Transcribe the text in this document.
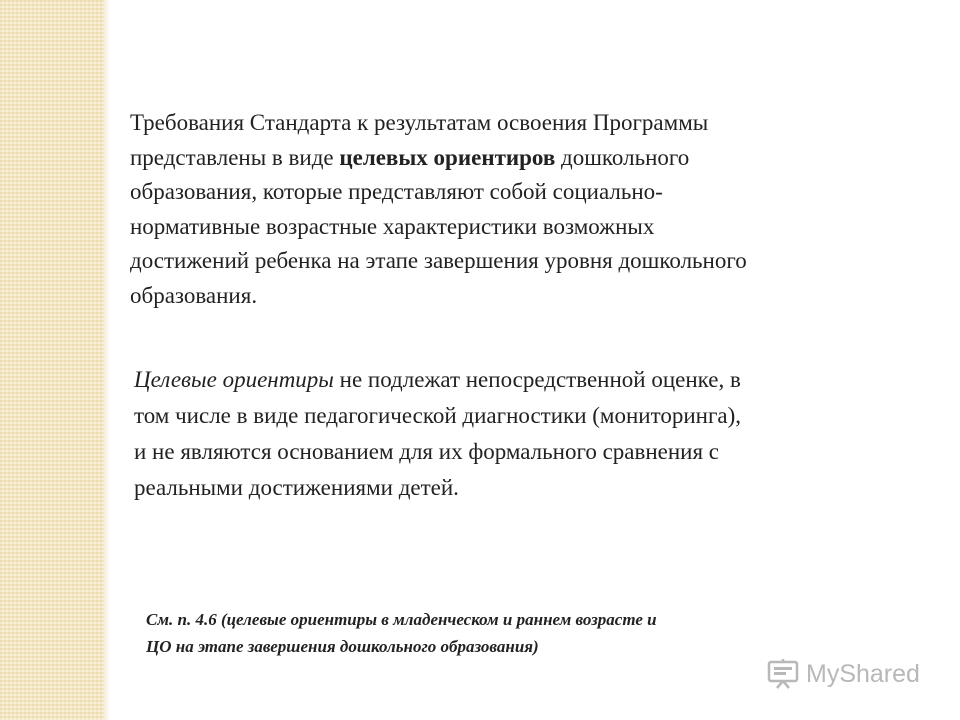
Требования Стандарта к результатам освоения Программы
представлены в виде целевых ориентиров дошкольного
образования, которые представляют собой социально-
нормативные возрастные характеристики возможных
достижений ребенка на этапе завершения уровня дошкольного
образования.

Целевые ориентиры не подлежат непосредственной оценке, в
том числе в виде педагогической диагностики (мониторинга),
и не являются основанием для их формального сравнения с
реальными достижениями детей.

См. п. 4.6 (целевые ориентиры в младенческом и раннем возрасте и
ЦО на этапе завершения дошкольного образования)

MyShared
